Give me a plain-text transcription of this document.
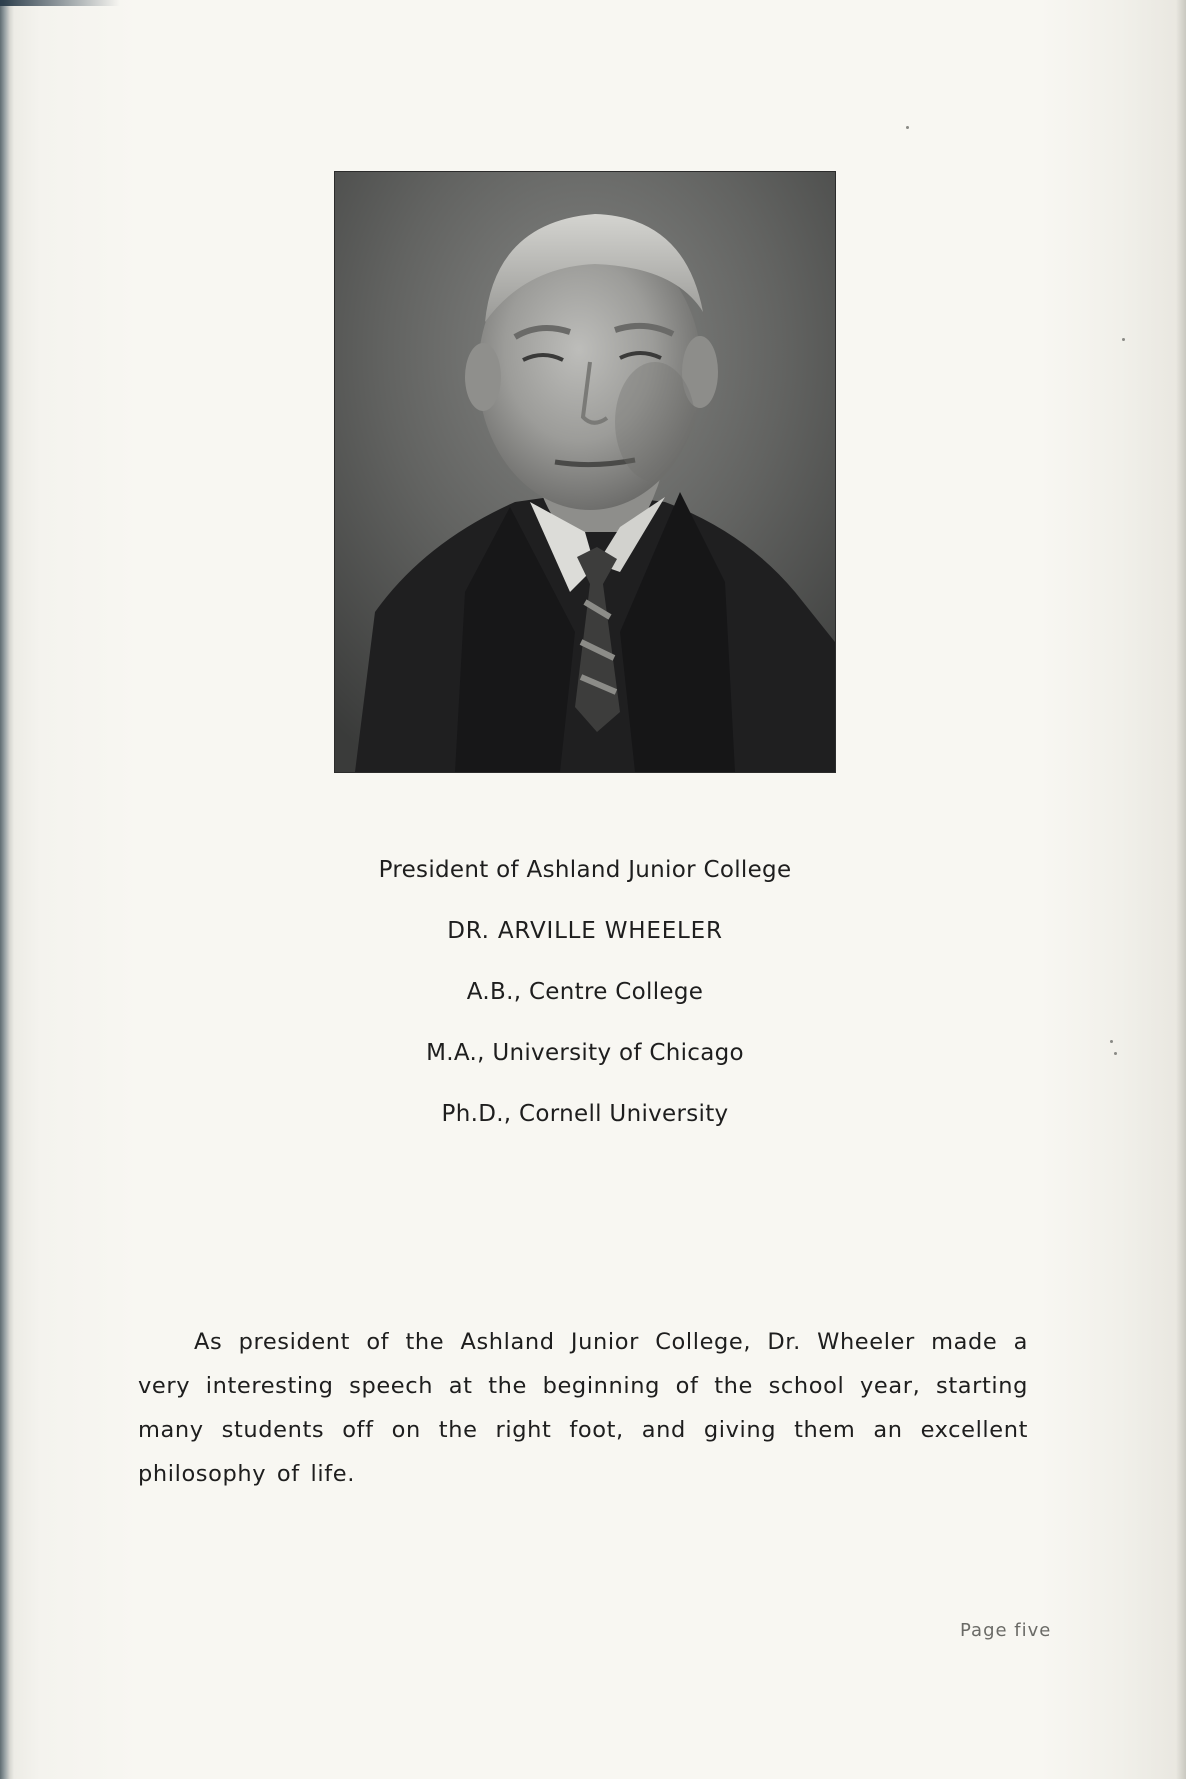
President of Ashland Junior College
DR. ARVILLE WHEELER
A.B., Centre College
M.A., University of Chicago
Ph.D., Cornell University

As president of the Ashland Junior College, Dr. Wheeler made a very interesting speech at the beginning of the school year, starting many students off on the right foot, and giving them an excellent philosophy of life.

Page five
